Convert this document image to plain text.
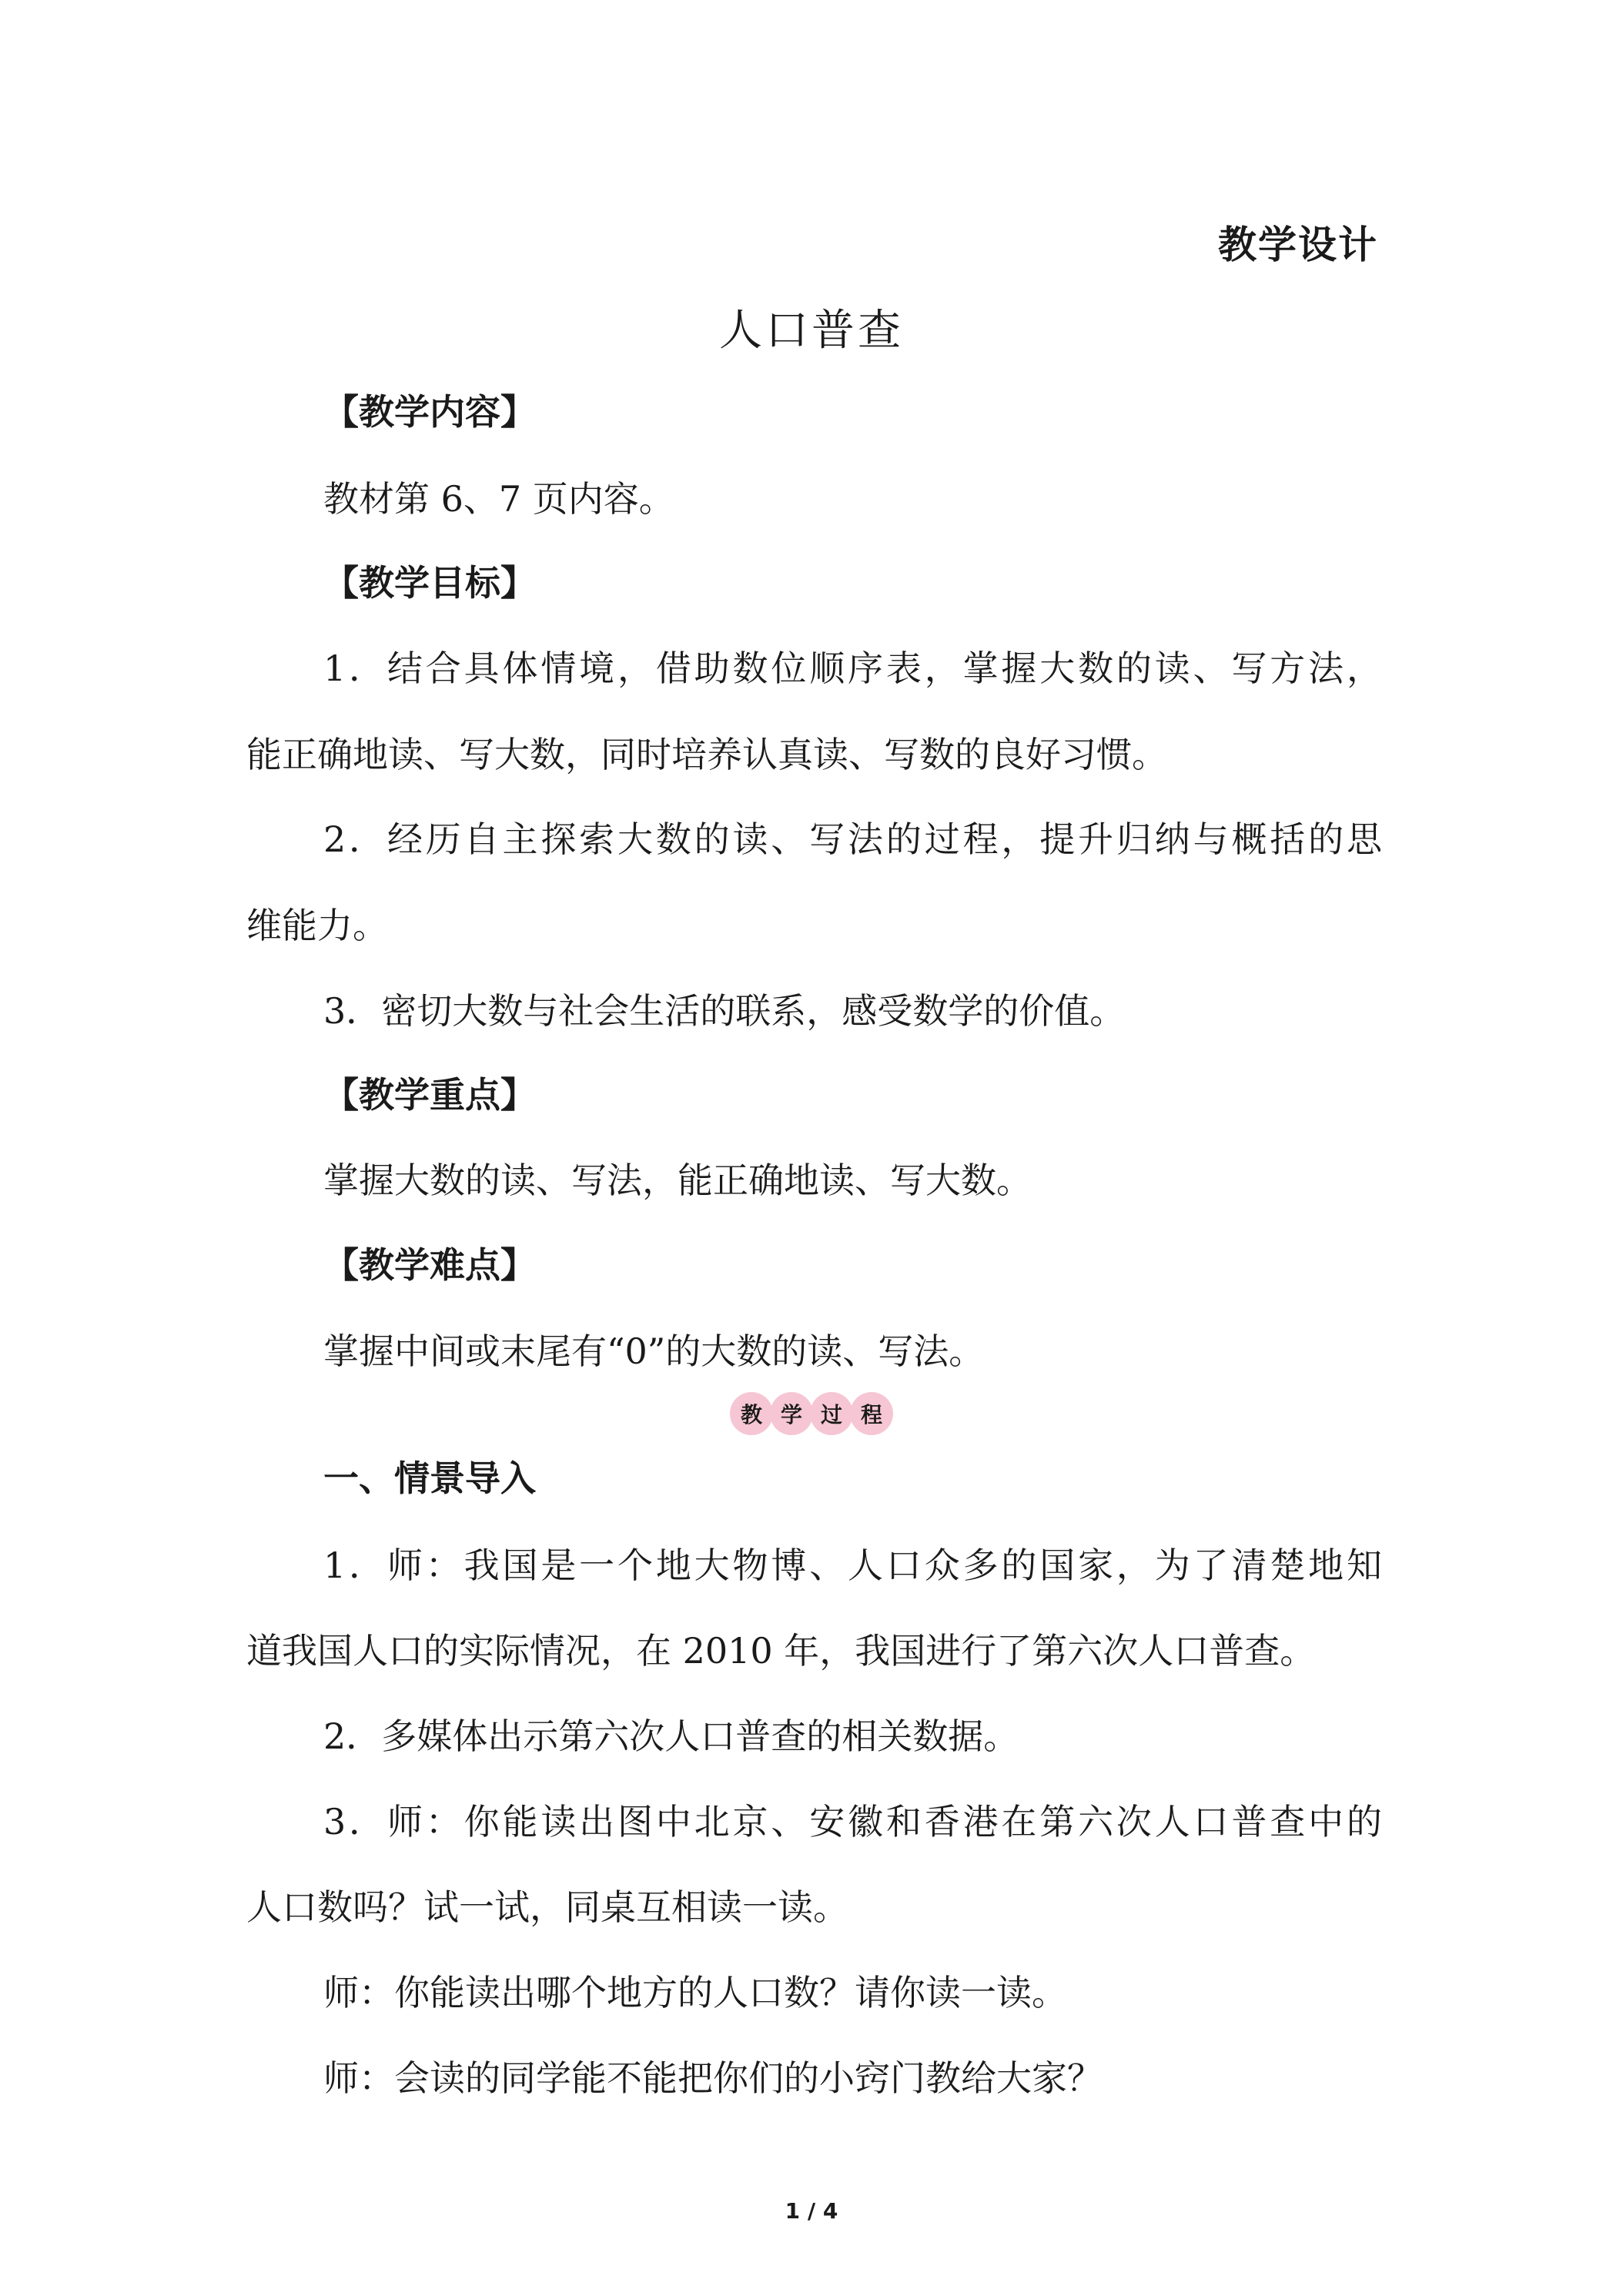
教学设计
人口普查
【教学内容】
教材第 6、7 页内容。
【教学目标】
1．结合具体情境，借助数位顺序表，掌握大数的读、写方法，
能正确地读、写大数，同时培养认真读、写数的良好习惯。
2．经历自主探索大数的读、写法的过程，提升归纳与概括的思
维能力。
3．密切大数与社会生活的联系，感受数学的价值。
【教学重点】
掌握大数的读、写法，能正确地读、写大数。
【教学难点】
掌握中间或末尾有“0”的大数的读、写法。
教 学 过 程
一、情景导入
1．师：我国是一个地大物博、人口众多的国家，为了清楚地知
道我国人口的实际情况，在 2010 年，我国进行了第六次人口普查。
2．多媒体出示第六次人口普查的相关数据。
3．师：你能读出图中北京、安徽和香港在第六次人口普查中的
人口数吗？试一试，同桌互相读一读。
师：你能读出哪个地方的人口数？请你读一读。
师：会读的同学能不能把你们的小窍门教给大家？
1 / 4
